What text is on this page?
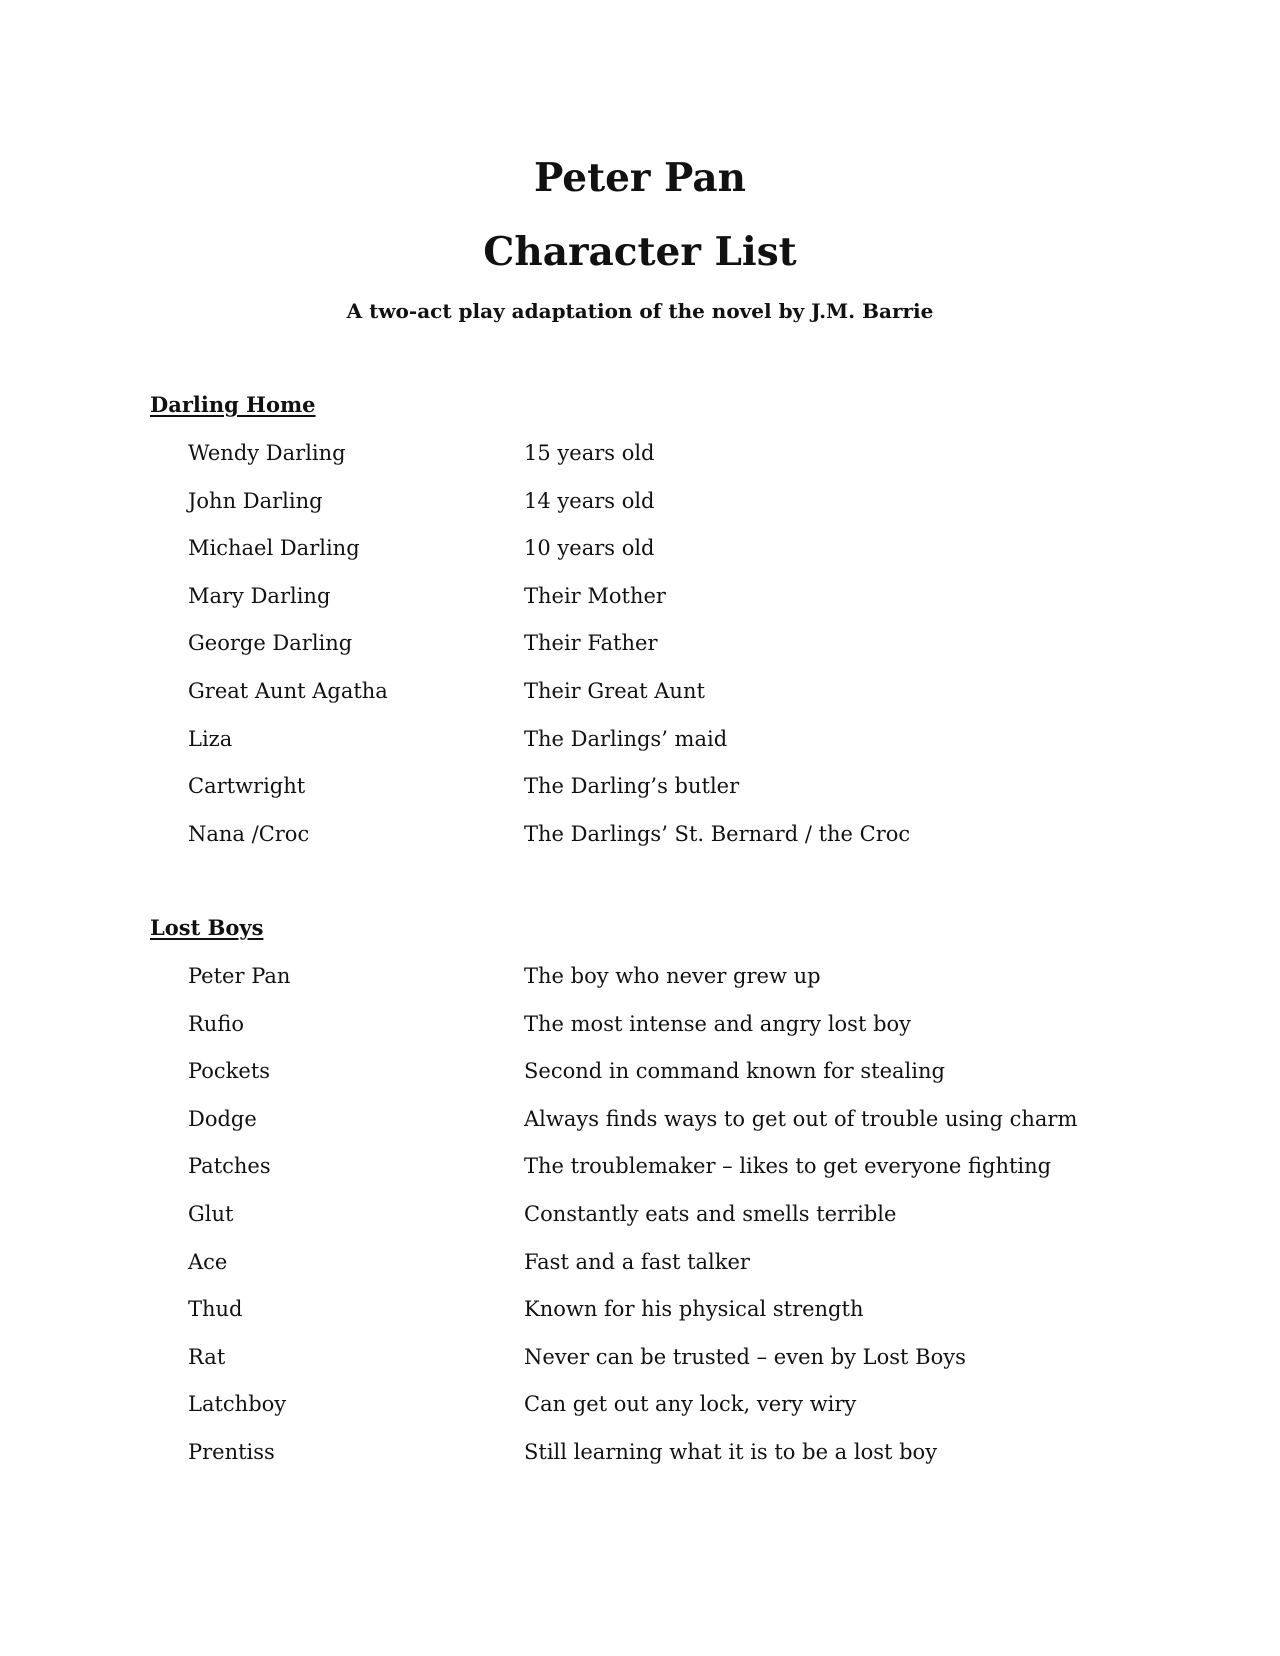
Peter Pan
Character List

A two-act play adaptation of the novel by J.M. Barrie

Darling Home
Wendy Darling	15 years old
John Darling	14 years old
Michael Darling	10 years old
Mary Darling	Their Mother
George Darling	Their Father
Great Aunt Agatha	Their Great Aunt
Liza	The Darlings’ maid
Cartwright	The Darling’s butler
Nana /Croc	The Darlings’ St. Bernard / the Croc
Lost Boys
Peter Pan	The boy who never grew up
Rufio	The most intense and angry lost boy
Pockets	Second in command known for stealing
Dodge	Always finds ways to get out of trouble using charm
Patches	The troublemaker – likes to get everyone fighting
Glut	Constantly eats and smells terrible
Ace	Fast and a fast talker
Thud	Known for his physical strength
Rat	Never can be trusted – even by Lost Boys
Latchboy	Can get out any lock, very wiry
Prentiss	Still learning what it is to be a lost boy
